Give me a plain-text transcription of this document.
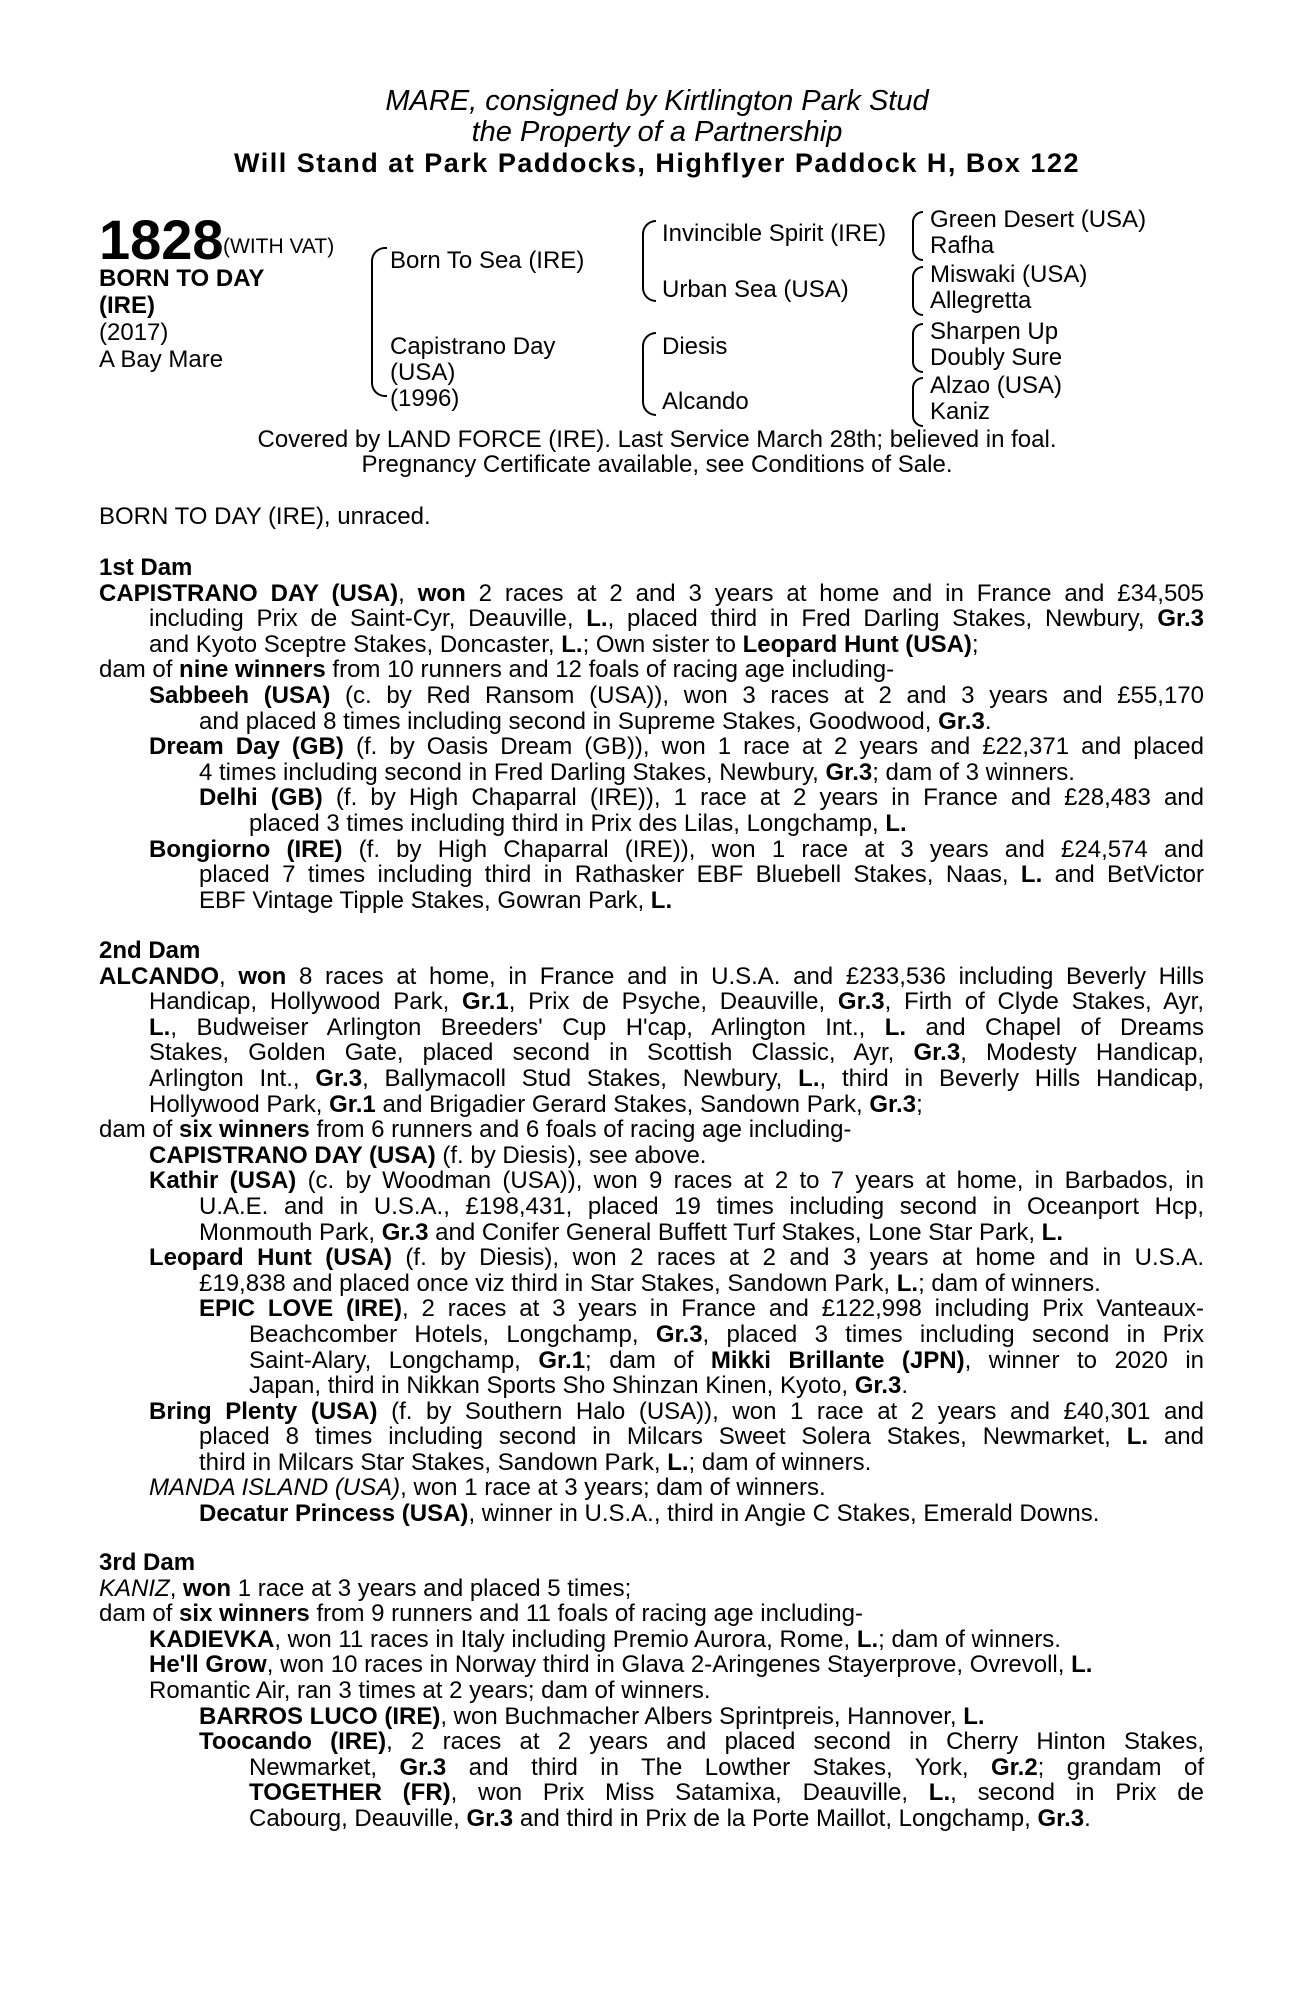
MARE, consigned by Kirtlington Park Stud
the Property of a Partnership
Will Stand at Park Paddocks, Highflyer Paddock H, Box 122
1828 (WITH VAT)
BORN TO DAY
(IRE)
(2017)
A Bay Mare
Born To Sea (IRE)
Capistrano Day
(USA)
(1996)
Invincible Spirit (IRE)
Urban Sea (USA)
Diesis
Alcando
Green Desert (USA)
Rafha
Miswaki (USA)
Allegretta
Sharpen Up
Doubly Sure
Alzao (USA)
Kaniz
Covered by LAND FORCE (IRE). Last Service March 28th; believed in foal.
Pregnancy Certificate available, see Conditions of Sale.
BORN TO DAY (IRE), unraced.
1st Dam
CAPISTRANO DAY (USA), won 2 races at 2 and 3 years at home and in France and £34,505
including Prix de Saint-Cyr, Deauville, L., placed third in Fred Darling Stakes, Newbury, Gr.3
and Kyoto Sceptre Stakes, Doncaster, L.; Own sister to Leopard Hunt (USA);
dam of nine winners from 10 runners and 12 foals of racing age including-
Sabbeeh (USA) (c. by Red Ransom (USA)), won 3 races at 2 and 3 years and £55,170
and placed 8 times including second in Supreme Stakes, Goodwood, Gr.3.
Dream Day (GB) (f. by Oasis Dream (GB)), won 1 race at 2 years and £22,371 and placed
4 times including second in Fred Darling Stakes, Newbury, Gr.3; dam of 3 winners.
Delhi (GB) (f. by High Chaparral (IRE)), 1 race at 2 years in France and £28,483 and
placed 3 times including third in Prix des Lilas, Longchamp, L.
Bongiorno (IRE) (f. by High Chaparral (IRE)), won 1 race at 3 years and £24,574 and
placed 7 times including third in Rathasker EBF Bluebell Stakes, Naas, L. and BetVictor
EBF Vintage Tipple Stakes, Gowran Park, L.
2nd Dam
ALCANDO, won 8 races at home, in France and in U.S.A. and £233,536 including Beverly Hills
Handicap, Hollywood Park, Gr.1, Prix de Psyche, Deauville, Gr.3, Firth of Clyde Stakes, Ayr,
L., Budweiser Arlington Breeders' Cup H'cap, Arlington Int., L. and Chapel of Dreams
Stakes, Golden Gate, placed second in Scottish Classic, Ayr, Gr.3, Modesty Handicap,
Arlington Int., Gr.3, Ballymacoll Stud Stakes, Newbury, L., third in Beverly Hills Handicap,
Hollywood Park, Gr.1 and Brigadier Gerard Stakes, Sandown Park, Gr.3;
dam of six winners from 6 runners and 6 foals of racing age including-
CAPISTRANO DAY (USA) (f. by Diesis), see above.
Kathir (USA) (c. by Woodman (USA)), won 9 races at 2 to 7 years at home, in Barbados, in
U.A.E. and in U.S.A., £198,431, placed 19 times including second in Oceanport Hcp,
Monmouth Park, Gr.3 and Conifer General Buffett Turf Stakes, Lone Star Park, L.
Leopard Hunt (USA) (f. by Diesis), won 2 races at 2 and 3 years at home and in U.S.A.
£19,838 and placed once viz third in Star Stakes, Sandown Park, L.; dam of winners.
EPIC LOVE (IRE), 2 races at 3 years in France and £122,998 including Prix Vanteaux-
Beachcomber Hotels, Longchamp, Gr.3, placed 3 times including second in Prix
Saint-Alary, Longchamp, Gr.1; dam of Mikki Brillante (JPN), winner to 2020 in
Japan, third in Nikkan Sports Sho Shinzan Kinen, Kyoto, Gr.3.
Bring Plenty (USA) (f. by Southern Halo (USA)), won 1 race at 2 years and £40,301 and
placed 8 times including second in Milcars Sweet Solera Stakes, Newmarket, L. and
third in Milcars Star Stakes, Sandown Park, L.; dam of winners.
MANDA ISLAND (USA), won 1 race at 3 years; dam of winners.
Decatur Princess (USA), winner in U.S.A., third in Angie C Stakes, Emerald Downs.
3rd Dam
KANIZ, won 1 race at 3 years and placed 5 times;
dam of six winners from 9 runners and 11 foals of racing age including-
KADIEVKA, won 11 races in Italy including Premio Aurora, Rome, L.; dam of winners.
He'll Grow, won 10 races in Norway third in Glava 2-Aringenes Stayerprove, Ovrevoll, L.
Romantic Air, ran 3 times at 2 years; dam of winners.
BARROS LUCO (IRE), won Buchmacher Albers Sprintpreis, Hannover, L.
Toocando (IRE), 2 races at 2 years and placed second in Cherry Hinton Stakes,
Newmarket, Gr.3 and third in The Lowther Stakes, York, Gr.2; grandam of
TOGETHER (FR), won Prix Miss Satamixa, Deauville, L., second in Prix de
Cabourg, Deauville, Gr.3 and third in Prix de la Porte Maillot, Longchamp, Gr.3.
